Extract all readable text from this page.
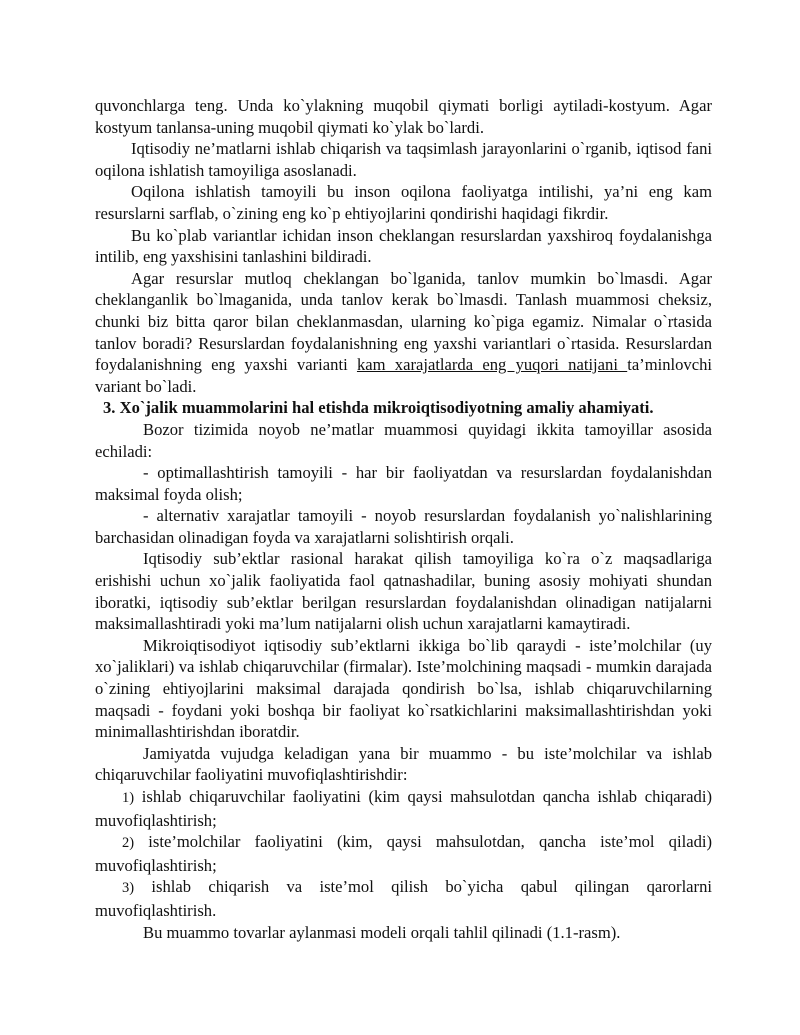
quvonchlarga teng. Unda ko`ylakning muqobil qiymati borligi aytiladi-kostyum. Agar kostyum tanlansa-uning muqobil qiymati ko`ylak bo`lardi.

Iqtisodiy ne’matlarni ishlab chiqarish va taqsimlash jarayonlarini o`rganib, iqtisod fani oqilona ishlatish tamoyiliga asoslanadi.

Oqilona ishlatish tamoyili bu inson oqilona faoliyatga intilishi, ya’ni eng kam resurslarni sarflab, o`zining eng ko`p ehtiyojlarini qondirishi haqidagi fikrdir.

Bu ko`plab variantlar ichidan inson cheklangan resurslardan yaxshiroq foydalanishga intilib, eng yaxshisini tanlashini bildiradi.

Agar resurslar mutloq cheklangan bo`lganida, tanlov mumkin bo`lmasdi. Agar cheklanganlik bo`lmaganida, unda tanlov kerak bo`lmasdi. Tanlash muammosi cheksiz, chunki biz bitta qaror bilan cheklanmasdan, ularning ko`piga egamiz. Nimalar o`rtasida tanlov boradi? Resurslardan foydalanishning eng yaxshi variantlari o`rtasida. Resurslardan foydalanishning eng yaxshi varianti kam xarajatlarda eng yuqori natijani ta’minlovchi variant bo`ladi.

3. Xo`jalik muammolarini hal etishda mikroiqtisodiyotning amaliy ahamiyati.

Bozor tizimida noyob ne’matlar muammosi quyidagi ikkita tamoyillar asosida echiladi:

- optimallashtirish tamoyili - har bir faoliyatdan va resurslardan foydalanishdan maksimal foyda olish;

- alternativ xarajatlar tamoyili - noyob resurslardan foydalanish yo`nalishlarining barchasidan olinadigan foyda va xarajatlarni solishtirish orqali.

Iqtisodiy sub’ektlar rasional harakat qilish tamoyiliga ko`ra o`z maqsadlariga erishishi uchun xo`jalik faoliyatida faol qatnashadilar, buning asosiy mohiyati shundan iboratki, iqtisodiy sub’ektlar berilgan resurslardan foydalanishdan olinadigan natijalarni maksimallashtiradi yoki ma’lum natijalarni olish uchun xarajatlarni kamaytiradi.

Mikroiqtisodiyot iqtisodiy sub’ektlarni ikkiga bo`lib qaraydi - iste’molchilar (uy xo`jaliklari) va ishlab chiqaruvchilar (firmalar). Iste’molchining maqsadi - mumkin darajada o`zining ehtiyojlarini maksimal darajada qondirish bo`lsa, ishlab chiqaruvchilarning maqsadi - foydani yoki boshqa bir faoliyat ko`rsatkichlarini maksimallashtirishdan yoki minimallashtirishdan iboratdir.

Jamiyatda vujudga keladigan yana bir muammo - bu iste’molchilar va ishlab chiqaruvchilar faoliyatini muvofiqlashtirishdir:

1) ishlab chiqaruvchilar faoliyatini (kim qaysi mahsulotdan qancha ishlab chiqaradi) muvofiqlashtirish;

2) iste’molchilar faoliyatini (kim, qaysi mahsulotdan, qancha iste’mol qiladi) muvofiqlashtirish;

3) ishlab chiqarish va iste’mol qilish bo`yicha qabul qilingan qarorlarni muvofiqlashtirish.

Bu muammo tovarlar aylanmasi modeli orqali tahlil qilinadi (1.1-rasm).
